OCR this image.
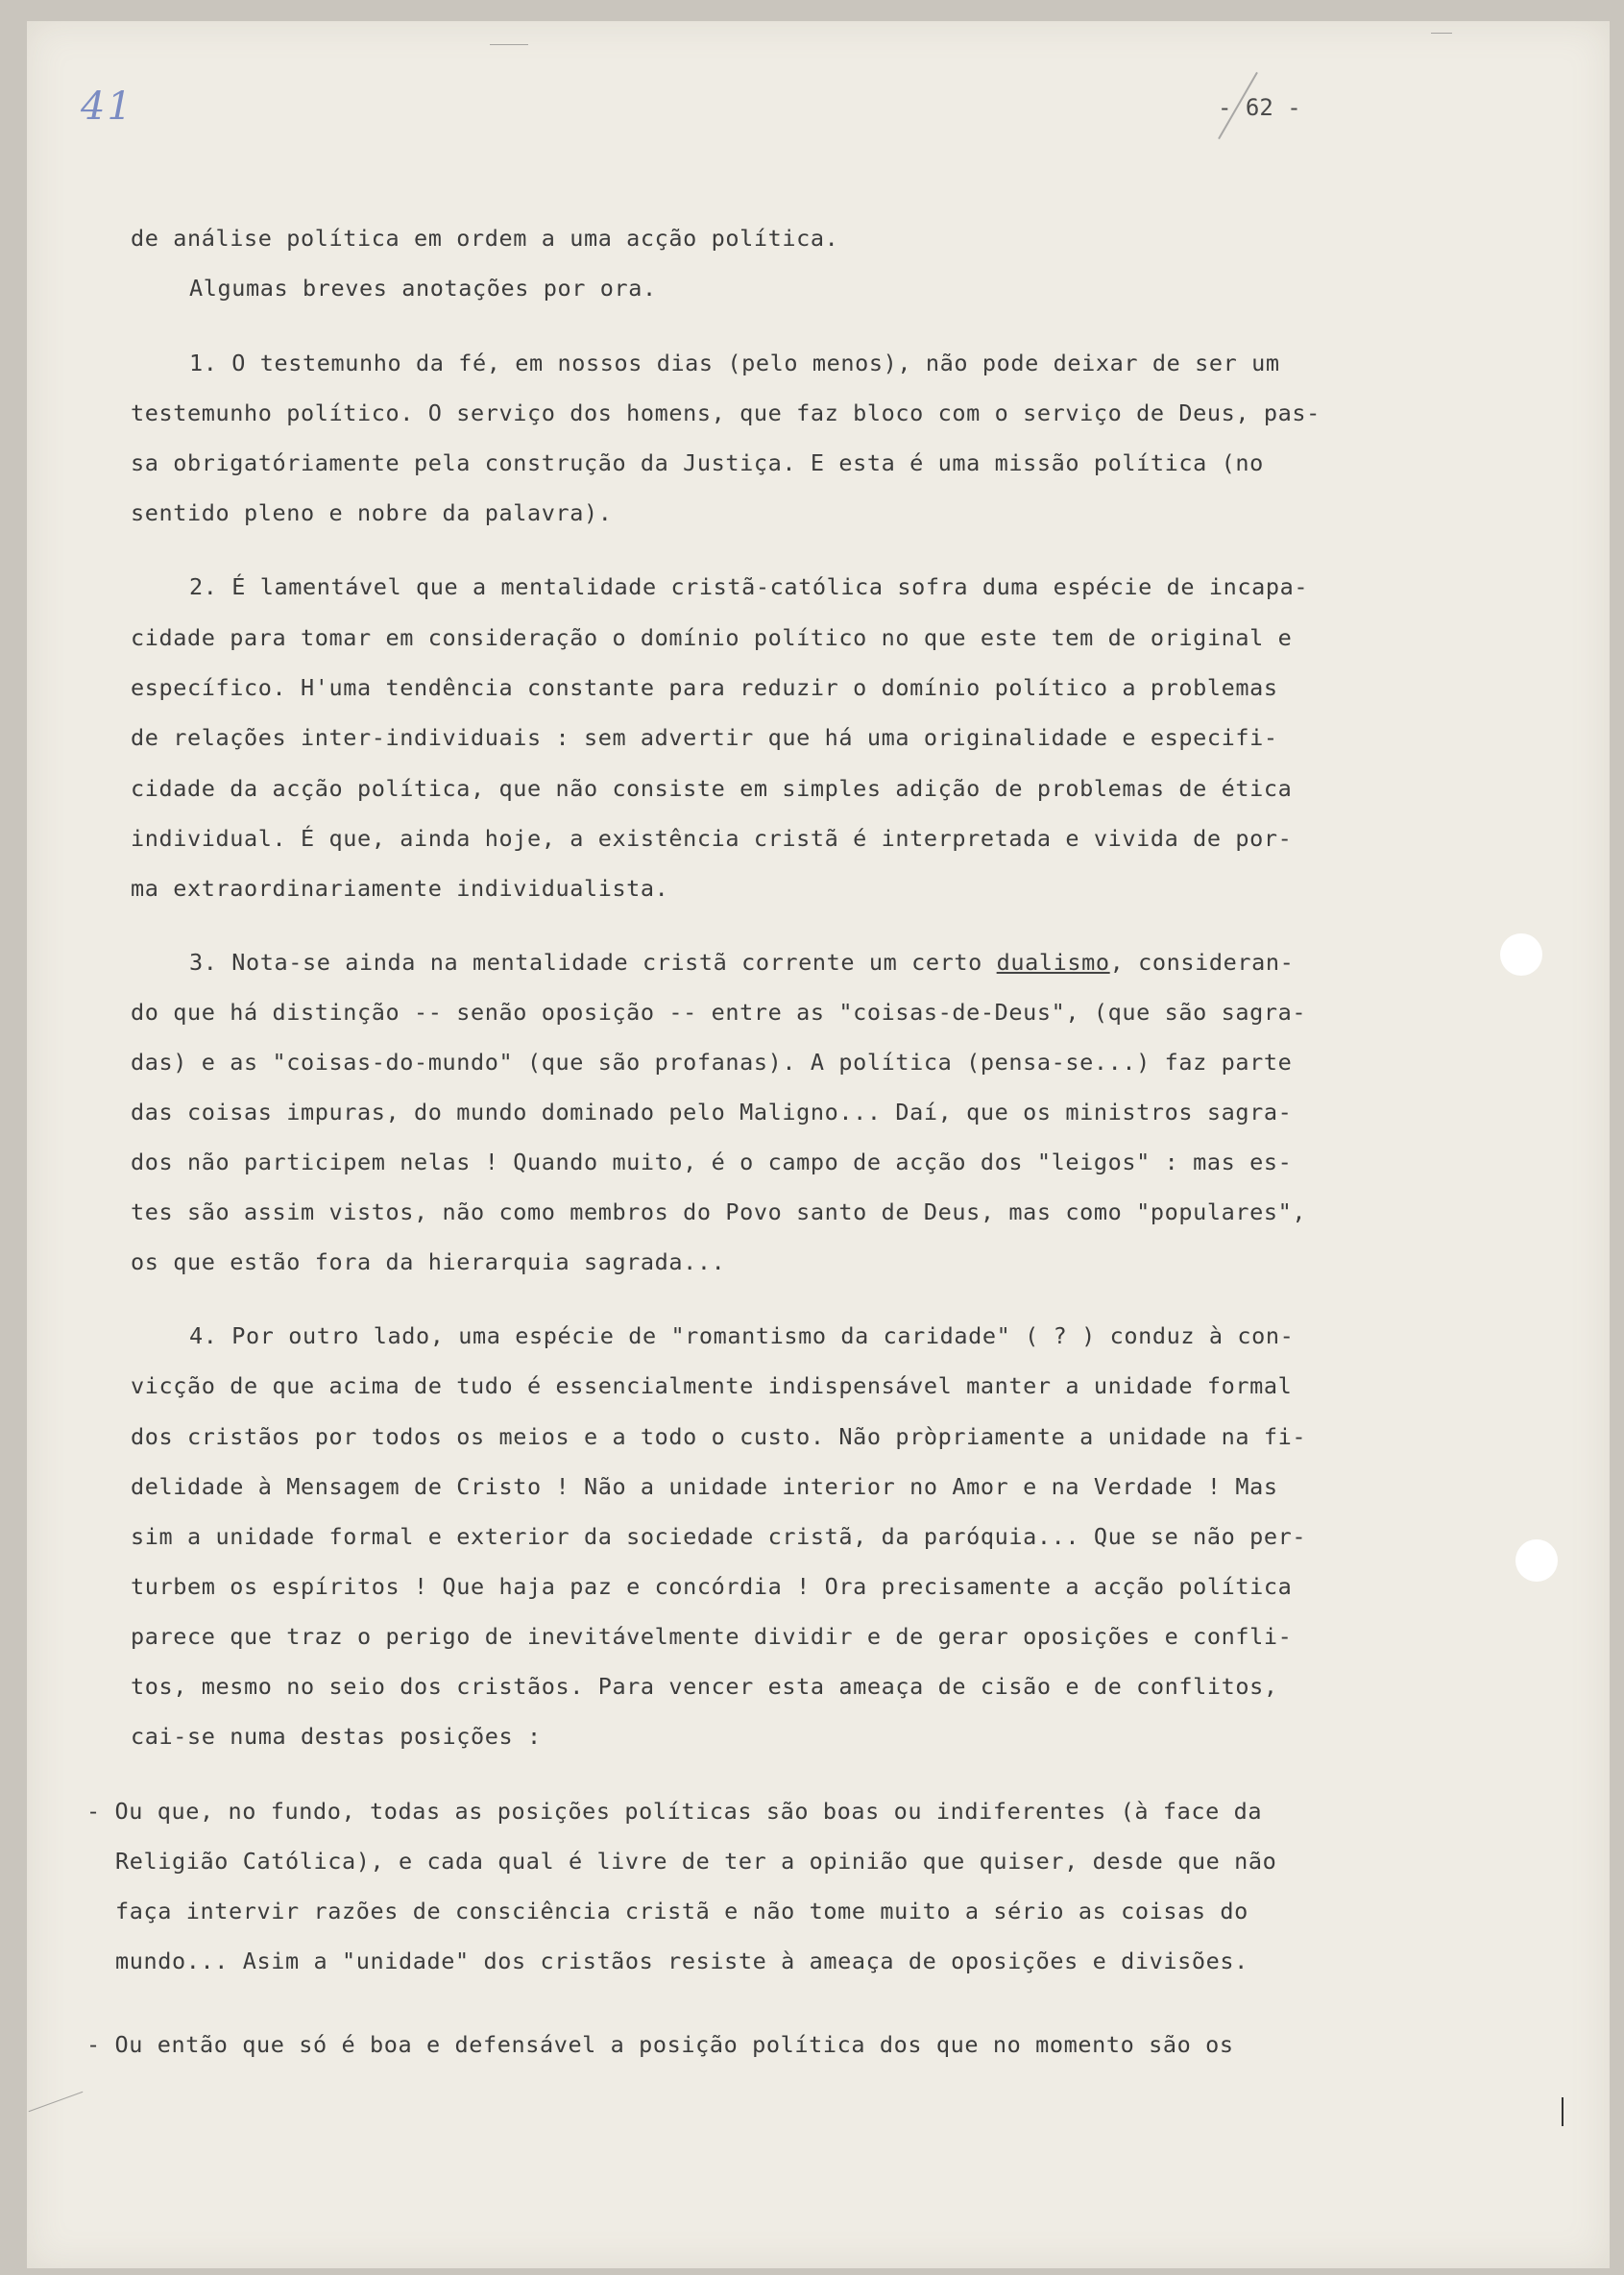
41	- 62 -
de análise política em ordem a uma acção política.
Algumas breves anotações por ora.
1. O testemunho da fé, em nossos dias (pelo menos), não pode deixar de ser um
testemunho político. O serviço dos homens, que faz bloco com o serviço de Deus, pas-
sa obrigatóriamente pela construção da Justiça. E esta é uma missão política (no
sentido pleno e nobre da palavra).
2. É lamentável que a mentalidade cristã-católica sofra duma espécie de incapa-
cidade para tomar em consideração o domínio político no que este tem de original e
específico. H'uma tendência constante para reduzir o domínio político a problemas
de relações inter-individuais : sem advertir que há uma originalidade e especifi-
cidade da acção política, que não consiste em simples adição de problemas de ética
individual. É que, ainda hoje, a existência cristã é interpretada e vivida de por-
ma extraordinariamente individualista.
3. Nota-se ainda na mentalidade cristã corrente um certo dualismo, consideran-
do que há distinção -- senão oposição -- entre as "coisas-de-Deus", (que são sagra-
das) e as "coisas-do-mundo" (que são profanas). A política (pensa-se...) faz parte
das coisas impuras, do mundo dominado pelo Maligno... Daí, que os ministros sagra-
dos não participem nelas ! Quando muito, é o campo de acção dos "leigos" : mas es-
tes são assim vistos, não como membros do Povo santo de Deus, mas como "populares",
os que estão fora da hierarquia sagrada...
4. Por outro lado, uma espécie de "romantismo da caridade" ( ? ) conduz à con-
vicção de que acima de tudo é essencialmente indispensável manter a unidade formal
dos cristãos por todos os meios e a todo o custo. Não pròpriamente a unidade na fi-
delidade à Mensagem de Cristo ! Não a unidade interior no Amor e na Verdade ! Mas
sim a unidade formal e exterior da sociedade cristã, da paróquia... Que se não per-
turbem os espíritos ! Que haja paz e concórdia ! Ora precisamente a acção política
parece que traz o perigo de inevitávelmente dividir e de gerar oposições e confli-
tos, mesmo no seio dos cristãos. Para vencer esta ameaça de cisão e de conflitos,
cai-se numa destas posições :
- Ou que, no fundo, todas as posições políticas são boas ou indiferentes (à face da
Religião Católica), e cada qual é livre de ter a opinião que quiser, desde que não
faça intervir razões de consciência cristã e não tome muito a sério as coisas do
mundo... Asim a "unidade" dos cristãos resiste à ameaça de oposições e divisões.
- Ou então que só é boa e defensável a posição política dos que no momento são os
